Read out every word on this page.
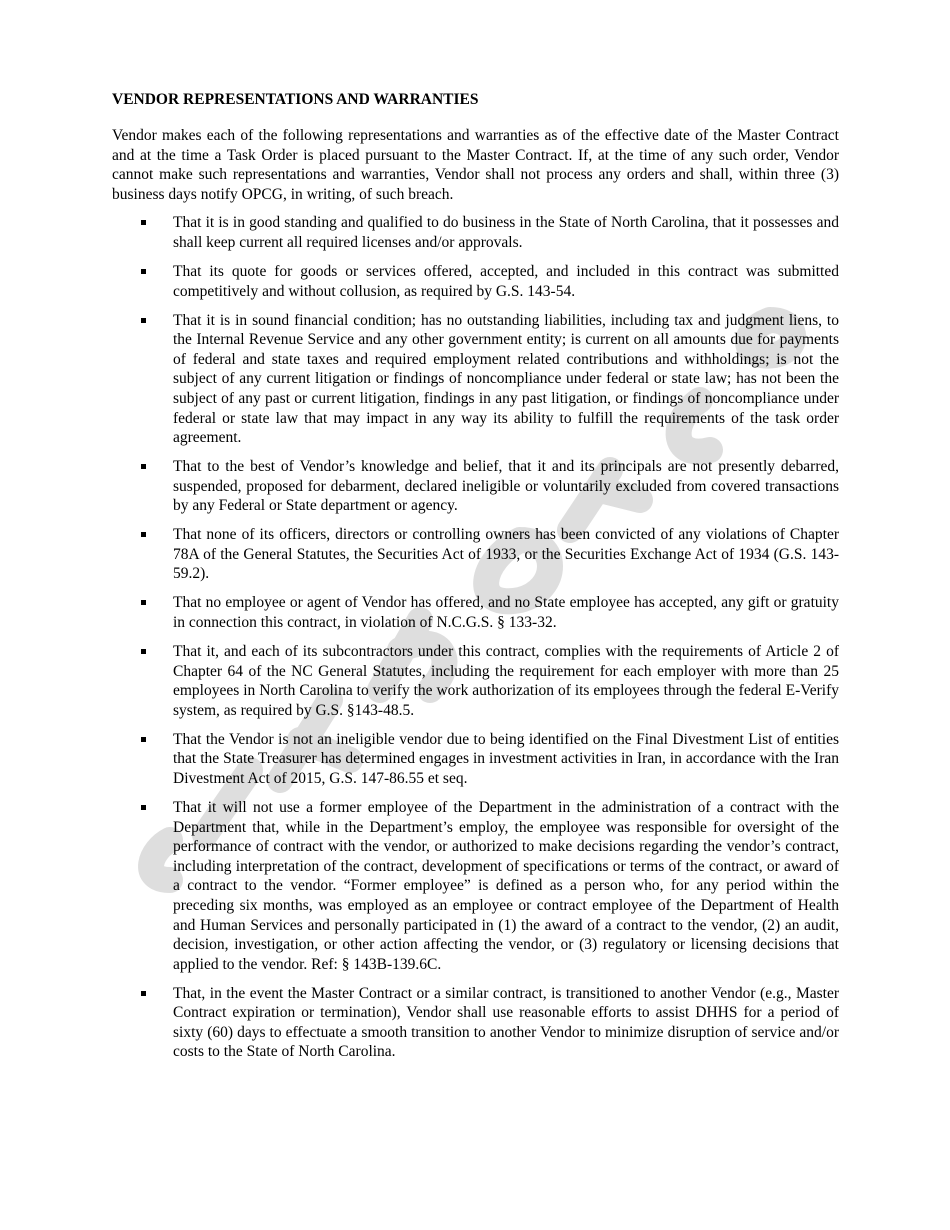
VENDOR REPRESENTATIONS AND WARRANTIES

Vendor makes each of the following representations and warranties as of the effective date of the Master Contract and at the time a Task Order is placed pursuant to the Master Contract. If, at the time of any such order, Vendor cannot make such representations and warranties, Vendor shall not process any orders and shall, within three (3) business days notify OPCG, in writing, of such breach.

That it is in good standing and qualified to do business in the State of North Carolina, that it possesses and shall keep current all required licenses and/or approvals.
That its quote for goods or services offered, accepted, and included in this contract was submitted competitively and without collusion, as required by G.S. 143-54.
That it is in sound financial condition; has no outstanding liabilities, including tax and judgment liens, to the Internal Revenue Service and any other government entity; is current on all amounts due for payments of federal and state taxes and required employment related contributions and withholdings; is not the subject of any current litigation or findings of noncompliance under federal or state law; has not been the subject of any past or current litigation, findings in any past litigation, or findings of noncompliance under federal or state law that may impact in any way its ability to fulfill the requirements of the task order agreement.
That to the best of Vendor’s knowledge and belief, that it and its principals are not presently debarred, suspended, proposed for debarment, declared ineligible or voluntarily excluded from covered transactions by any Federal or State department or agency.
That none of its officers, directors or controlling owners has been convicted of any violations of Chapter 78A of the General Statutes, the Securities Act of 1933, or the Securities Exchange Act of 1934 (G.S. 143-59.2).
That no employee or agent of Vendor has offered, and no State employee has accepted, any gift or gratuity in connection this contract, in violation of N.C.G.S. § 133-32.
That it, and each of its subcontractors under this contract, complies with the requirements of Article 2 of Chapter 64 of the NC General Statutes, including the requirement for each employer with more than 25 employees in North Carolina to verify the work authorization of its employees through the federal E-Verify system, as required by G.S. §143-48.5.
That the Vendor is not an ineligible vendor due to being identified on the Final Divestment List of entities that the State Treasurer has determined engages in investment activities in Iran, in accordance with the Iran Divestment Act of 2015, G.S. 147-86.55 et seq.
That it will not use a former employee of the Department in the administration of a contract with the Department that, while in the Department’s employ, the employee was responsible for oversight of the performance of contract with the vendor, or authorized to make decisions regarding the vendor’s contract, including interpretation of the contract, development of specifications or terms of the contract, or award of a contract to the vendor. “Former employee” is defined as a person who, for any period within the preceding six months, was employed as an employee or contract employee of the Department of Health and Human Services and personally participated in (1) the award of a contract to the vendor, (2) an audit, decision, investigation, or other action affecting the vendor, or (3) regulatory or licensing decisions that applied to the vendor. Ref: § 143B-139.6C.
That, in the event the Master Contract or a similar contract, is transitioned to another Vendor (e.g., Master Contract expiration or termination), Vendor shall use reasonable efforts to assist DHHS for a period of sixty (60) days to effectuate a smooth transition to another Vendor to minimize disruption of service and/or costs to the State of North Carolina.
